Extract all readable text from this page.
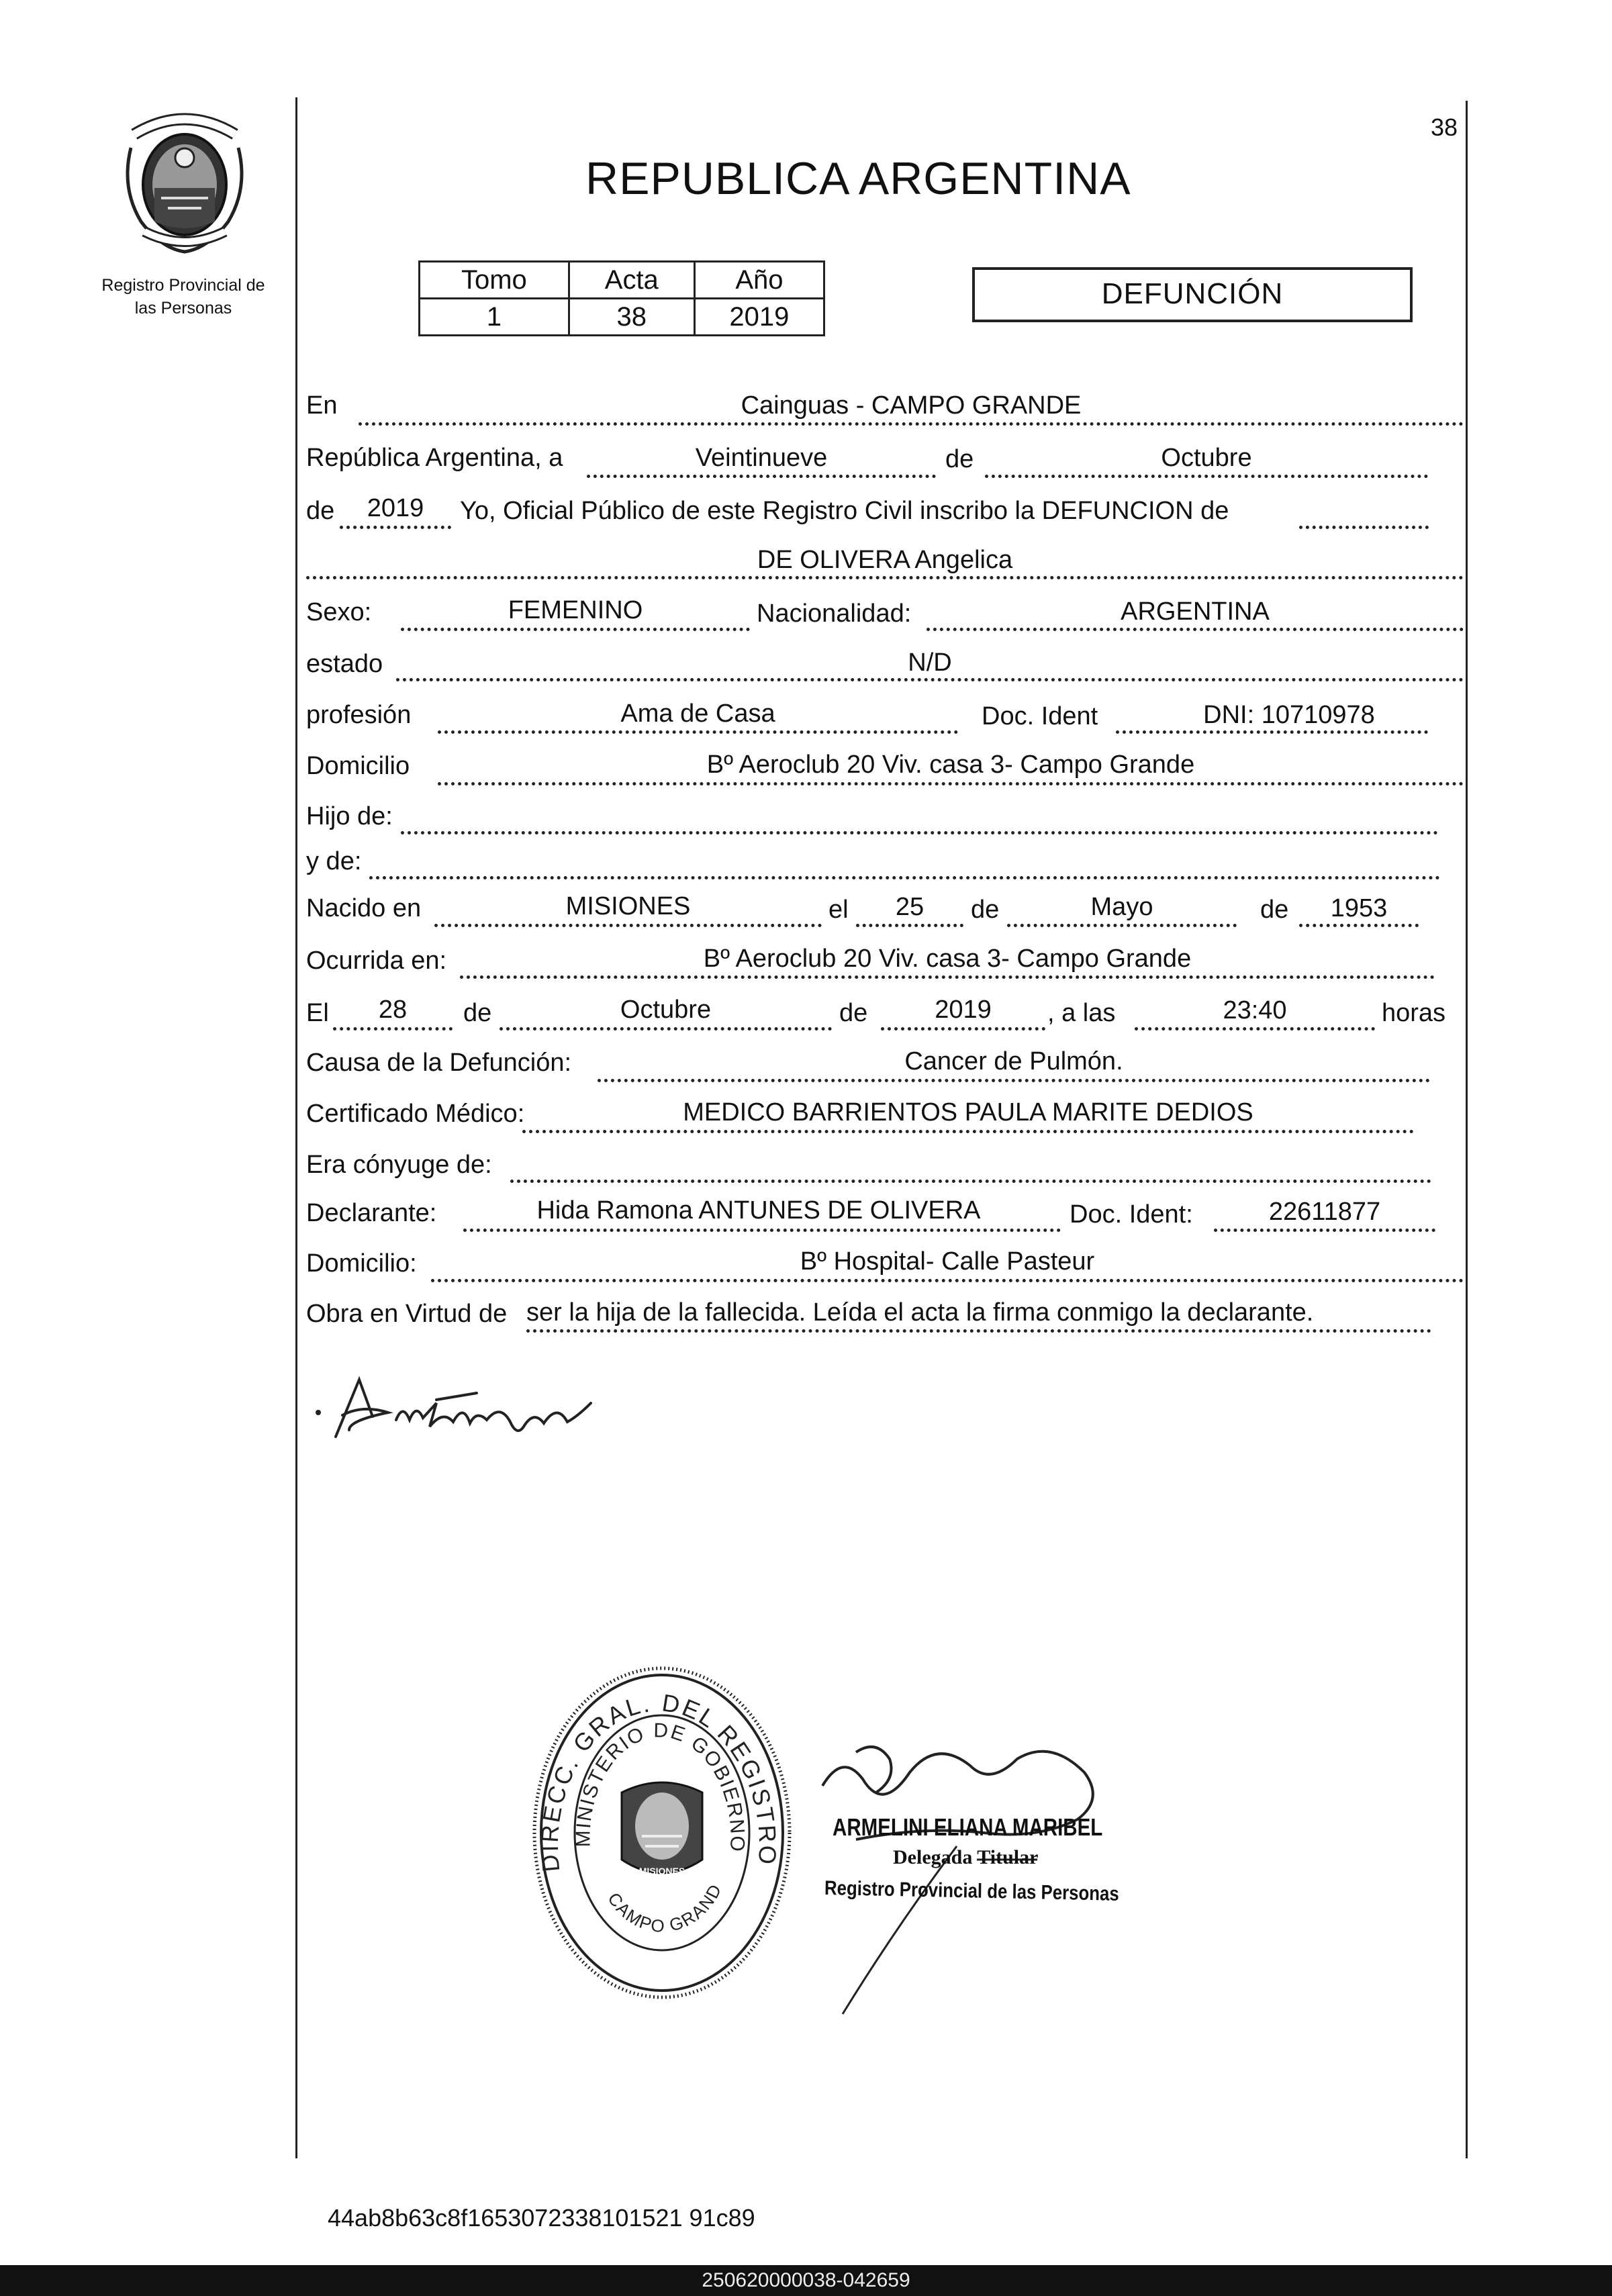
38
Registro Provincial de
las Personas
REPUBLICA ARGENTINA
Tomo	Acta	Año
1	38	2019
DEFUNCIÓN
En	Cainguas - CAMPO GRANDE
República Argentina, a	Veintinueve	de	Octubre
de	2019	Yo, Oficial Público de este Registro Civil inscribo la DEFUNCION de
DE OLIVERA Angelica
Sexo:	FEMENINO	Nacionalidad:	ARGENTINA
estado	N/D
profesión	Ama de Casa	Doc. Ident	DNI: 10710978
Domicilio	Bº Aeroclub 20 Viv. casa 3- Campo Grande
Hijo de:
y de:
Nacido en	MISIONES	el	25	de	Mayo	de	1953
Ocurrida en:	Bº Aeroclub 20 Viv. casa 3- Campo Grande
El	28	de	Octubre	de	2019	, a las	23:40	horas
Causa de la Defunción:	Cancer de Pulmón.
Certificado Médico:	MEDICO BARRIENTOS PAULA MARITE DEDIOS
Era cónyuge de:
Declarante:	Hida Ramona ANTUNES DE OLIVERA	Doc. Ident:	22611877
Domicilio:	Bº Hospital- Calle Pasteur
Obra en Virtud de ser la hija de la fallecida. Leída el acta la firma conmigo la declarante.
DIRECC. GRAL. DEL REGISTRO
MINISTERIO DE GOBIERNO
CAMPO GRAND
MISIONES
ARMELINI ELIANA MARIBEL
Delegada Titular
Registro Provincial de las Personas
44ab8b63c8f1653072338101521 91c89
250620000038-042659
